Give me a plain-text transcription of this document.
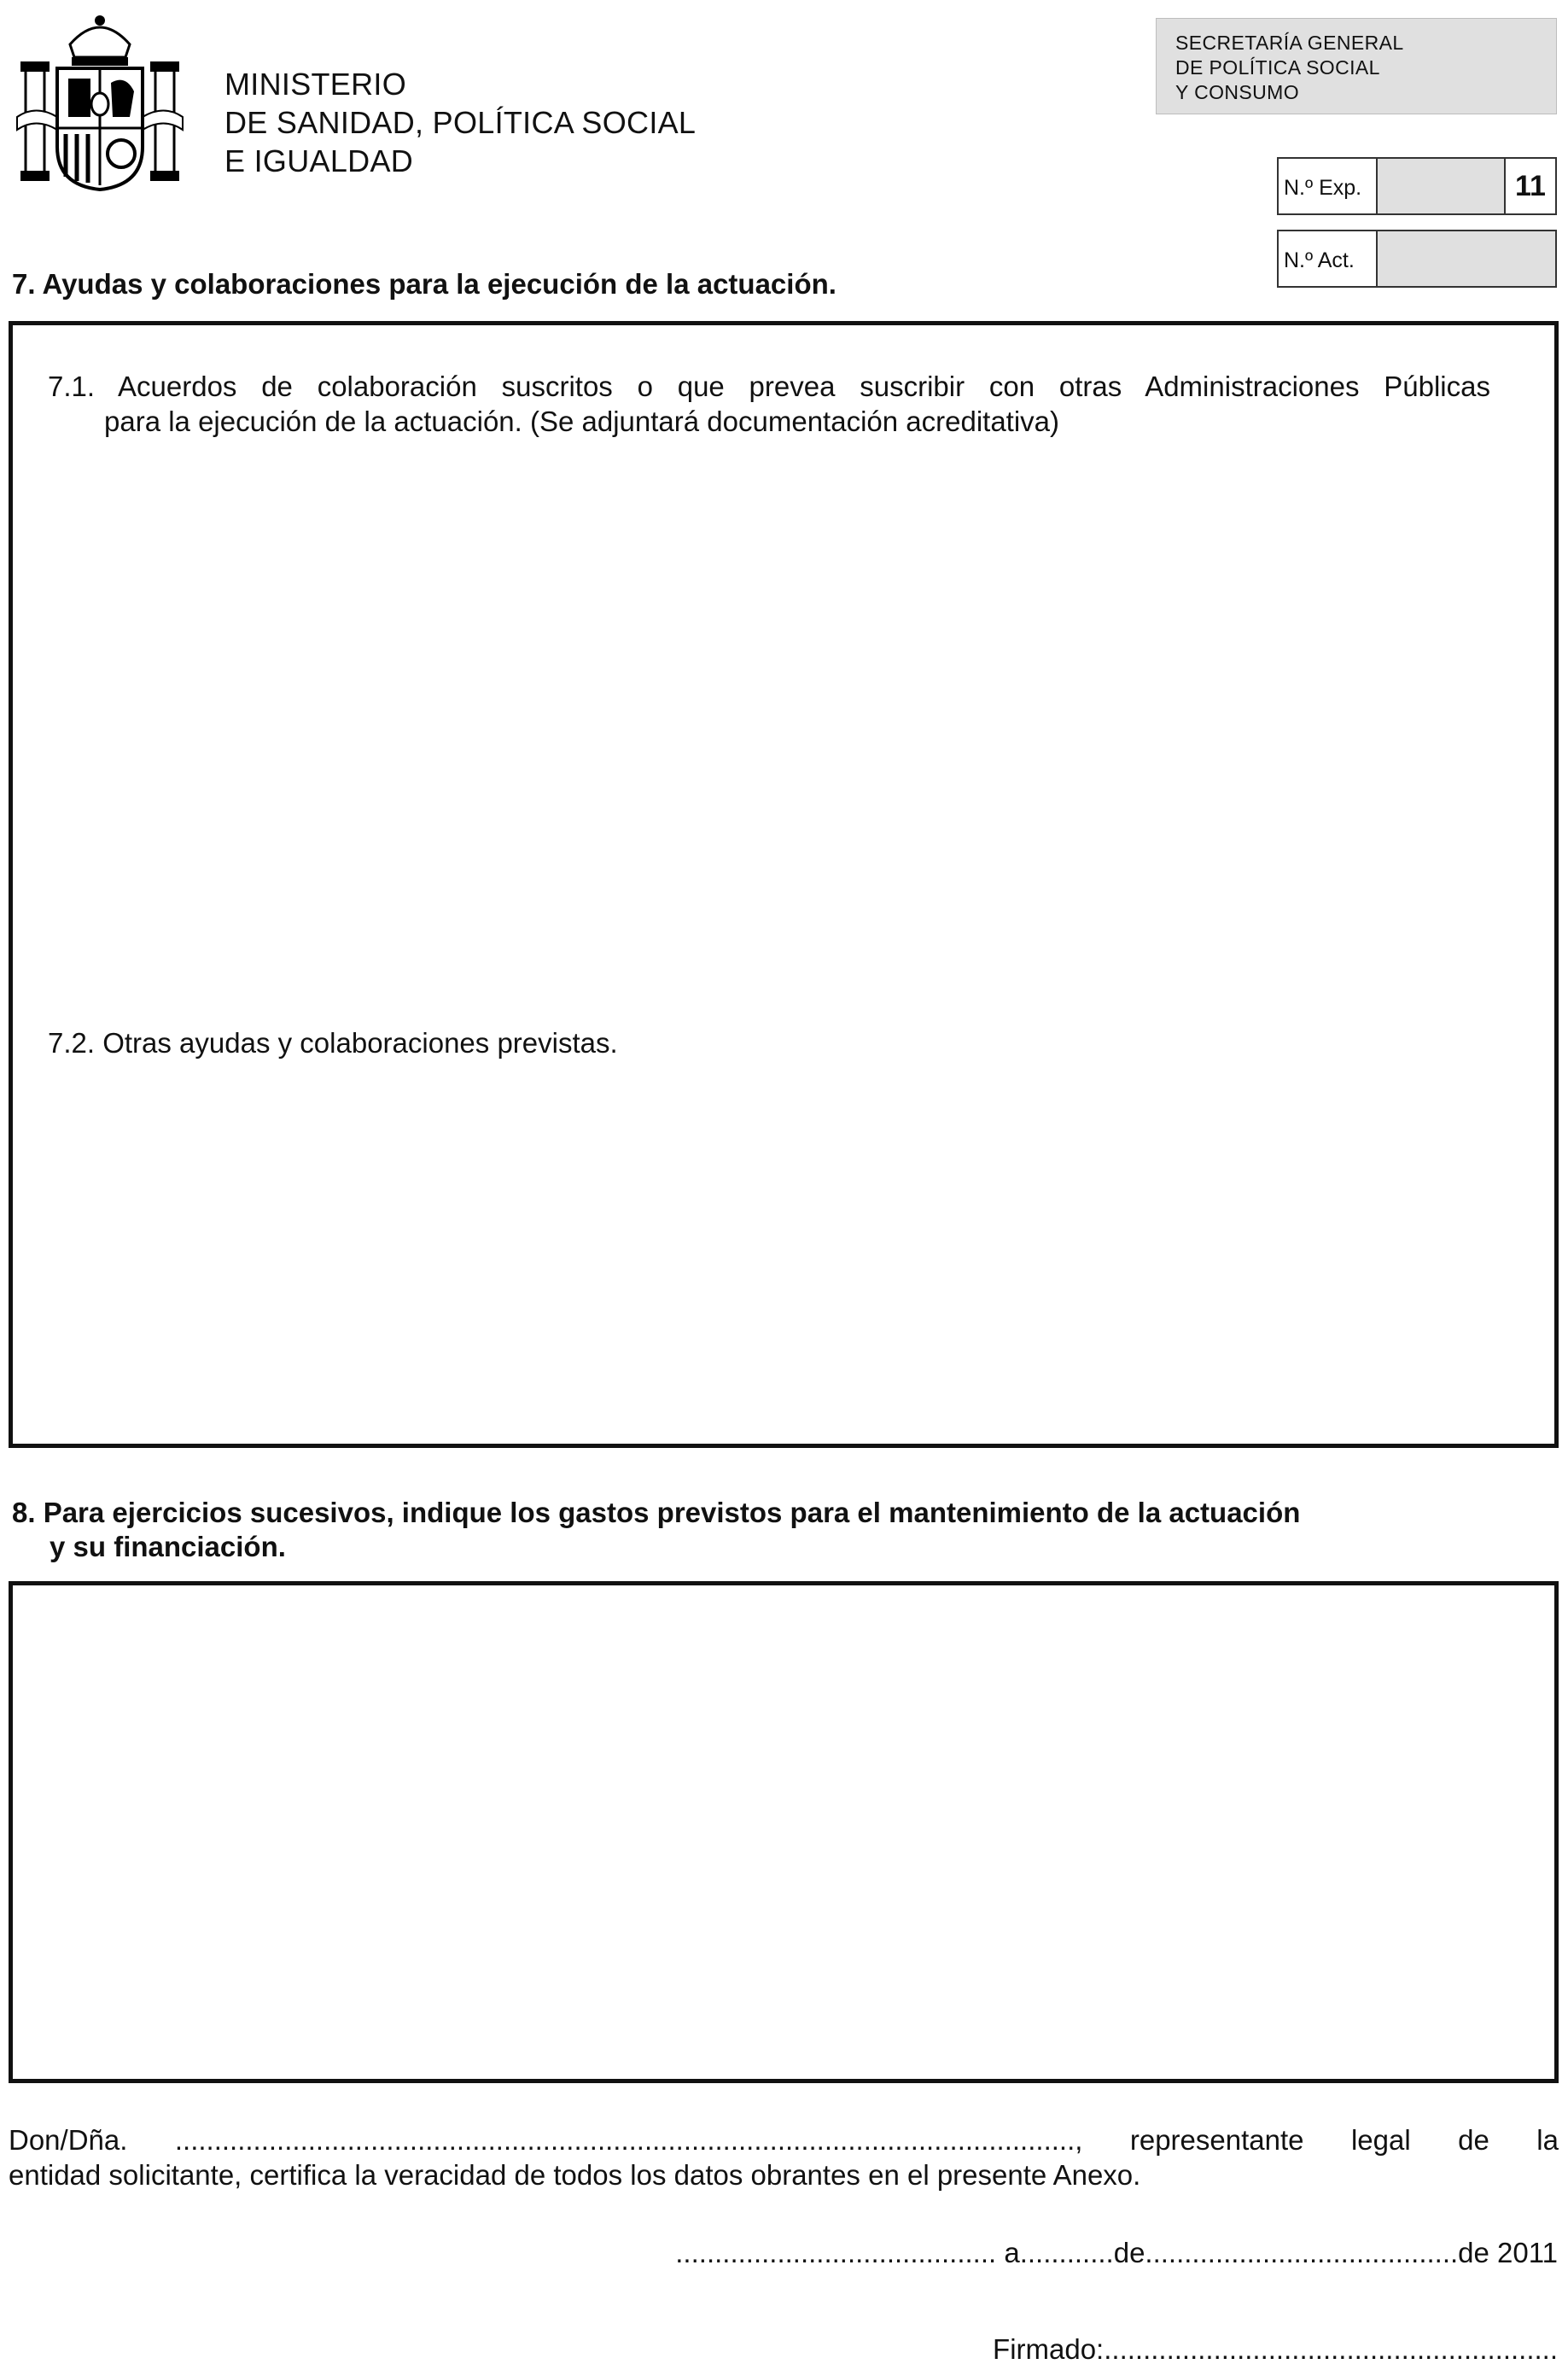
MINISTERIO
DE SANIDAD, POLÍTICA SOCIAL
E IGUALDAD
SECRETARÍA GENERAL
DE POLÍTICA SOCIAL
Y CONSUMO
N.º Exp.	11
N.º Act.
7. Ayudas y colaboraciones para la ejecución de la actuación.
7.1. Acuerdos de colaboración suscritos o que prevea suscribir con otras Administraciones Públicas
para la ejecución de la actuación. (Se adjuntará documentación acreditativa)
7.2. Otras ayudas y colaboraciones previstas.
8. Para ejercicios sucesivos, indique los gastos previstos para el mantenimiento de la actuación
y su financiación.
Don/Dña. ..................................................................................................................., representante legal de la
entidad solicitante, certifica la veracidad de todos los datos obrantes en el presente Anexo.
......................................... a............de........................................de 2011
Firmado:..........................................................
